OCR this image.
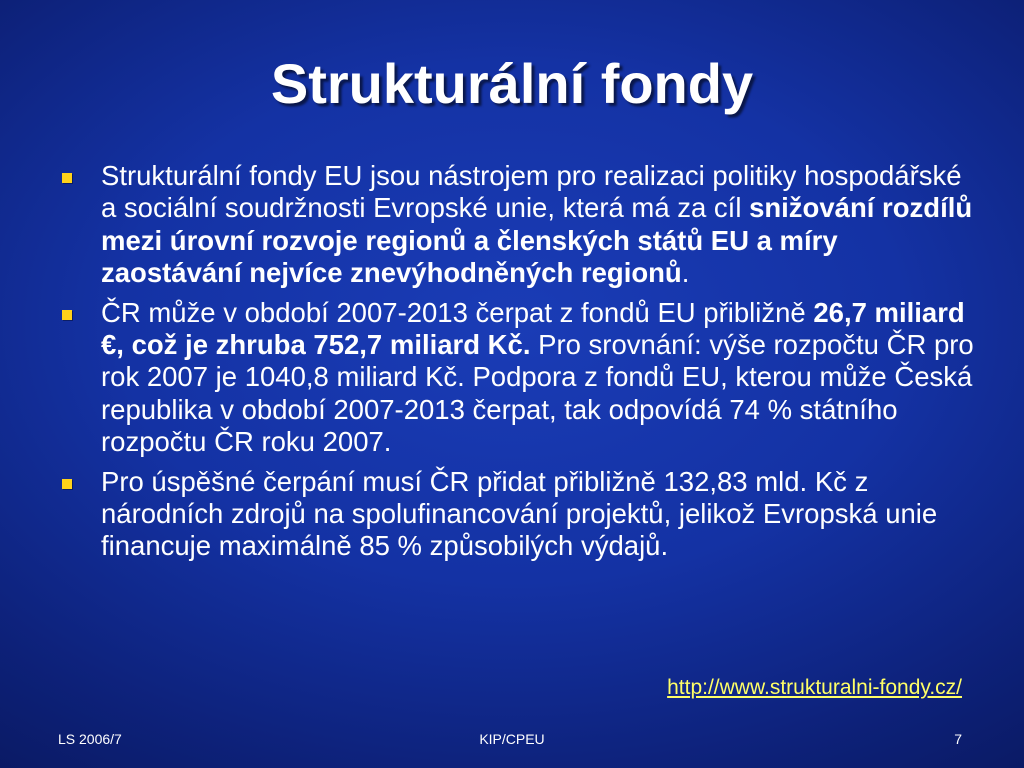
Strukturální fondy
Strukturální fondy EU jsou nástrojem pro realizaci politiky hospodářské a sociální soudržnosti Evropské unie, která má za cíl snižování rozdílů mezi úrovní rozvoje regionů a členských států EU a míry zaostávání nejvíce znevýhodněných regionů.
ČR může v období 2007-2013 čerpat z fondů EU přibližně 26,7 miliard €, což je zhruba 752,7 miliard Kč. Pro srovnání: výše rozpočtu ČR pro rok 2007 je 1040,8 miliard Kč. Podpora z fondů EU, kterou může Česká republika v období 2007-2013 čerpat, tak odpovídá 74 % státního rozpočtu ČR roku 2007.
Pro úspěšné čerpání musí ČR přidat přibližně 132,83 mld. Kč z národních zdrojů na spolufinancování projektů, jelikož Evropská unie financuje maximálně 85 % způsobilých výdajů.
http://www.strukturalni-fondy.cz/
LS 2006/7	KIP/CPEU	7
